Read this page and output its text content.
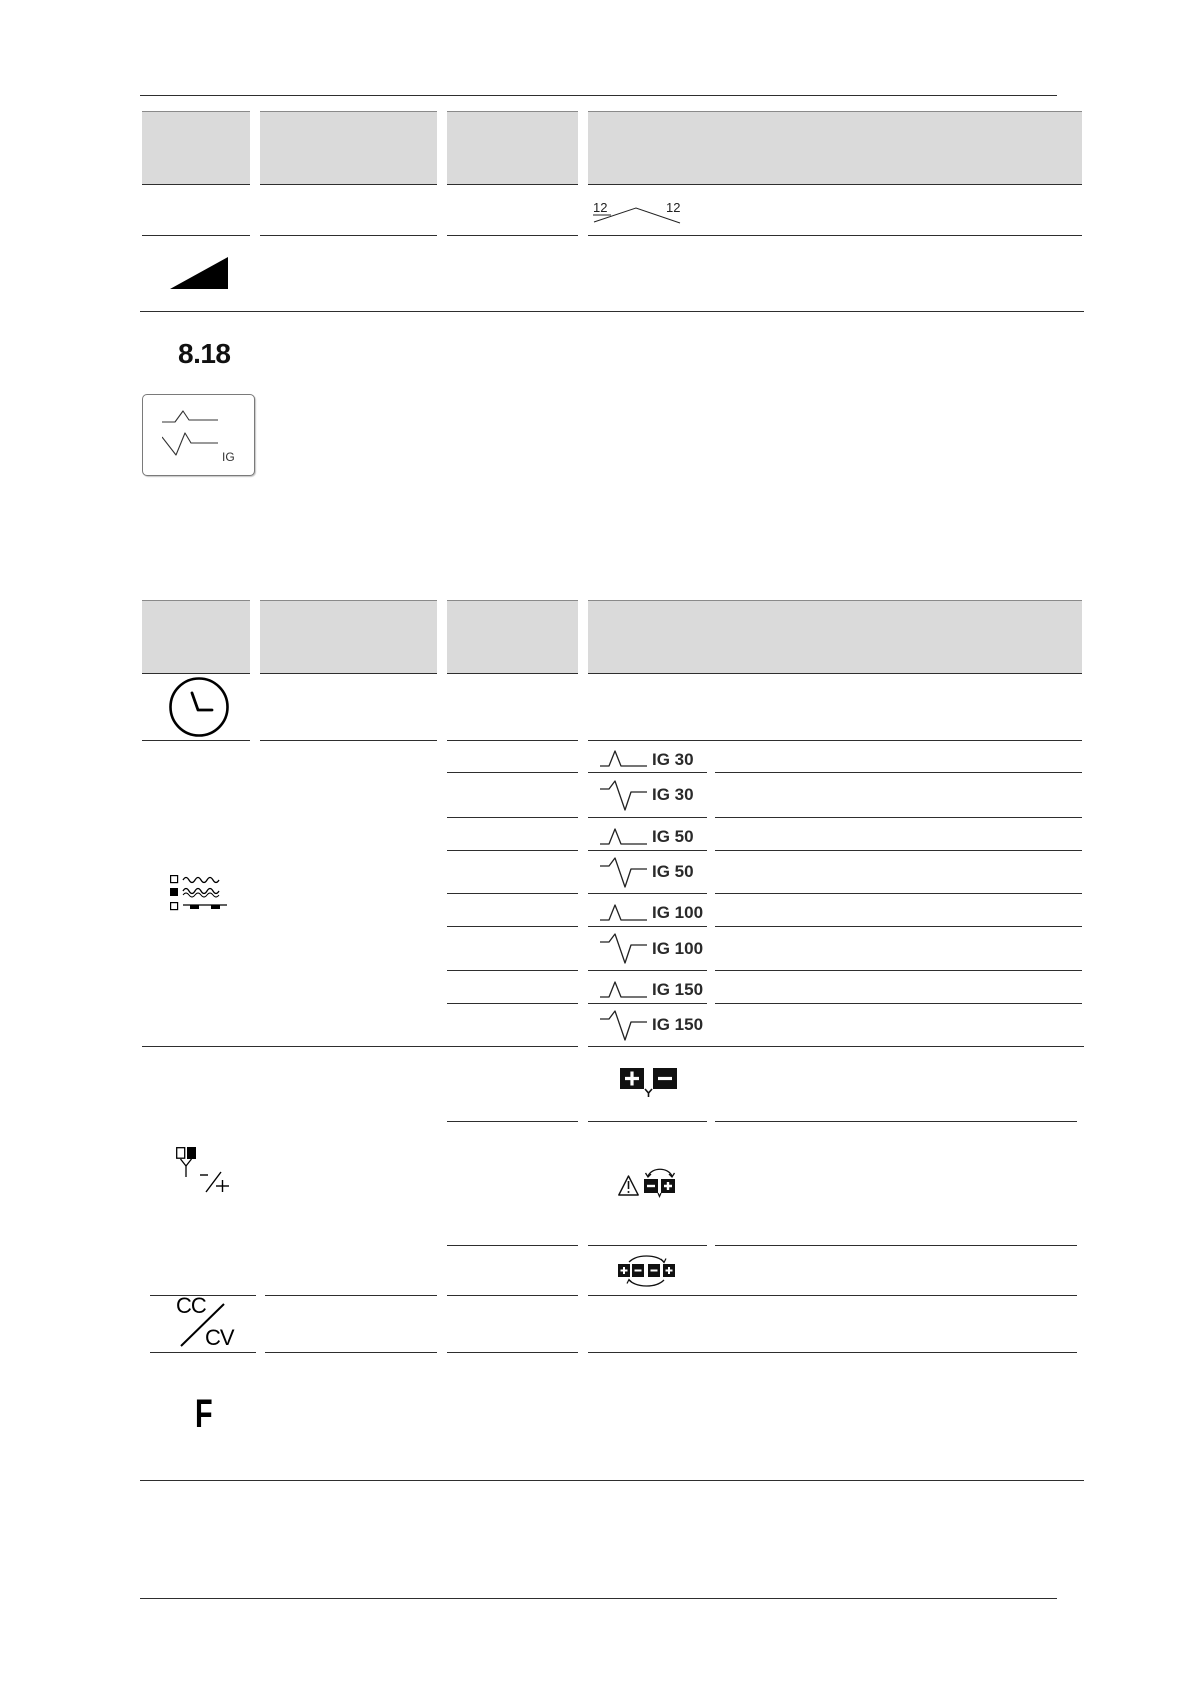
12	12
8.18
IG
IG 30
IG 30
IG 50
IG 50
IG 100
IG 100
IG 150
IG 150
CC
CV
F
